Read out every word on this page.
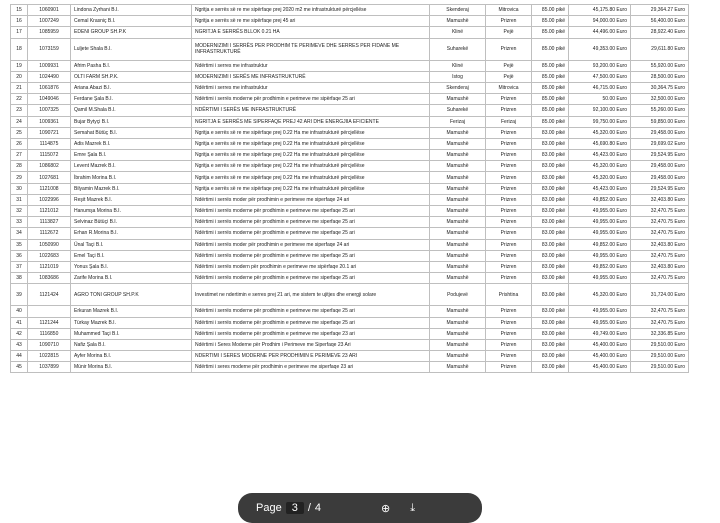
15	1060901	Lindona Zyrhani B.I.	Ngritja e serrës së re me sipërfaqe prej 2020 m2 me infrastrukturë përcjellëse	Skenderaj	Mitrovica	85.00 pikë	45,175.80 Euro	29,364.27 Euro
16	1007249	Cemal Krasniç B.I.	Ngritja e serrës së re me sipërfaqe prej 45 ari	Mamushë	Prizren	85.00 pikë	94,000.00 Euro	56,400.00 Euro
17	1085959	EDENI GROUP SH.P.K	NGRITJA E SERRËS BLLOK 0.21 HA	Klinë	Pejë	85.00 pikë	44,496.00 Euro	28,922.40 Euro
18	1073159	Luljete Shala B.I.	MODERNIZIMI I SERRËS PER PRODHIM TE PERIMEVE DHE SERRES PER FIDANE ME INFRASTRUKTURË	Suharekë	Prizren	85.00 pikë	49,353.00 Euro	29,611.80 Euro
19	1009931	Afrim Pasha B.I.	Ndërtimi i serres me infrastruktur	Klinë	Pejë	85.00 pikë	93,200.00 Euro	55,920.00 Euro
20	1024490	OLTI FARM SH.P.K.	MODERNIZIMI I SERËS ME INFRASTRUKTURË	Istog	Pejë	85.00 pikë	47,500.00 Euro	28,500.00 Euro
21	1061876	Ariana Abazi B.I.	Ndërtimi i serres me infrastruktur	Skenderaj	Mitrovica	85.00 pikë	46,715.00 Euro	30,364.75 Euro
22	1049046	Ferdane Şala B.I.	Ndërtimi i serrës moderne për prodhimin e perimeve me sipërfaqe 25 ari	Mamushë	Prizren	85.00 pikë	50.00 Euro	32,500.00 Euro
23	1007325	Qamil M.Shala B.I.	NDËRTIMI I SERËS ME INFRASTRUKTURË	Suharekë	Prizren	85.00 pikë	92,100.00 Euro	55,260.00 Euro
24	1009361	Bujar Bytyçi B.I.	NGRITJA E SERRËS ME SIPERFAQE PREJ 42 ARI DHE ENERGJIIA EFICIENTE	Ferizaj	Ferizaj	85.00 pikë	99,750.00 Euro	59,850.00 Euro
25	1090721	Semahat Bütüç B.I.	Ngritja e serrës së re me sipërfaqe prej 0.22 Ha me infrastrukturë përcjellëse	Mamushë	Prizren	83.00 pikë	45,320.00 Euro	29,458.00 Euro
26	1114875	Adis Mazrek B.I.	Ngritja e serrës së re me sipërfaqe prej 0.22 Ha me infrastrukturë përcjellëse	Mamushë	Prizren	83.00 pikë	45,690.80 Euro	29,699.02 Euro
27	1115072	Emre Şala B.I.	Ngritja e serrës së re me sipërfaqe prej 0.22 Ha me infrastrukturë përcjellëse	Mamushë	Prizren	83.00 pikë	45,423.00 Euro	29,524.95 Euro
28	1086802	Levent Mazrek B.I.	Ngritja e serrës së re me sipërfaqe prej 0.22 Ha me infrastrukturë përcjellëse	Mamushë	Prizren	83.00 pikë	45,320.00 Euro	29,458.00 Euro
29	1027681	İbrahim Morina B.I.	Ngritja e serrës së re me sipërfaqe prej 0.22 Ha me infrastrukturë përcjellëse	Mamushë	Prizren	83.00 pikë	45,320.00 Euro	29,458.00 Euro
30	1121008	Bilyamin Mazrek B.I.	Ngritja e serrës së re me sipërfaqe prej 0.22 Ha me infrastrukturë përcjellëse	Mamushë	Prizren	83.00 pikë	45,423.00 Euro	29,524.95 Euro
31	1022996	Reşit Mazrek B.I.	Ndërtimi i serrës moder për prodhimin e perimeve me siperfaqe 24 ari	Mamushë	Prizren	83.00 pikë	49,852.00 Euro	32,403.80 Euro
32	1121012	Hanumşa Morina B.I.	Ndërtimi i serrës moderne për prodhimin e perimeve me siperfaqe 25 ari	Mamushë	Prizren	83.00 pikë	49,955.00 Euro	32,470.75 Euro
33	1113827	Selvinaz Bütüçi B.I.	Ndërtimi i serrës moderne për prodhimin e perimeve me siperfaqe 25 ari	Mamushë	Prizren	83.00 pikë	49,955.00 Euro	32,470.75 Euro
34	1112672	Erhan R.Morina B.I.	Ndërtimi i serrës moderne për prodhimin e perimeve me siperfaqe 25 ari	Mamushë	Prizren	83.00 pikë	49,955.00 Euro	32,470.75 Euro
35	1050990	Ünal Taçi B.I.	Ndërtimi i serrës moder për prodhimin e perimeve me siperfaqe 24 ari	Mamushë	Prizren	83.00 pikë	49,852.00 Euro	32,403.80 Euro
36	1022683	Emel Taçi B.I.	Ndërtimi i serrës moderne për prodhimin e perimeve me siperfaqe 25 ari	Mamushë	Prizren	83.00 pikë	49,955.00 Euro	32,470.75 Euro
37	1121019	Yonus Şala B.I.	Ndërtimi i serrës modern për prodhimin e perimeve me sipërfaqe 20.1 ari	Mamushë	Prizren	83.00 pikë	49,852.00 Euro	32,403.80 Euro
38	1083686	Zarife Morina B.I.	Ndërtimi i serrës moderne për prodhimin e perimeve me siperfaqe 25 ari	Mamushë	Prizren	83.00 pikë	49,955.00 Euro	32,470.75 Euro
39	1121424	AGRO TONI GROUP SH.P.K	Investimet ne ndertimin e serres prej 21 ari, me sistem te ujitjes dhe energji solare	Podujevë	Prishtina	83.00 pikë	45,320.00 Euro	31,724.00 Euro
40		Erkuran Mazrek B.I.	Ndërtimi i serrës moderne për prodhimin e perimeve me siperfaqe 25 ari	Mamushë	Prizren	83.00 pikë	49,955.00 Euro	32,470.75 Euro
41	1121244	Türkay Mazrek B.I.	Ndërtimi i serrës moderne për prodhimin e perimeve me siperfaqe 25 ari	Mamushë	Prizren	83.00 pikë	49,955.00 Euro	32,470.75 Euro
42	1116850	Muhammed Taçi B.I.	Ndërtimi i serrës moderne për prodhimin e perimeve me siperfaqe 23 ari	Mamushë	Prizren	83.00 pikë	49,749.00 Euro	32,336.85 Euro
43	1090710	Nafiz Şala B.I.	Ndërtimi i Seres Moderne për Prodhim i Perimeve me Siperfaqe 23 Ari	Mamushë	Prizren	83.00 pikë	45,400.00 Euro	29,510.00 Euro
44	1022815	Ayfer Morina B.I.	NDERTIMI I SERES MODERNE PER PRODHIMIN E PERIMEVE 23 ARI	Mamushë	Prizren	83.00 pikë	45,400.00 Euro	29,510.00 Euro
45	1037899	Münir Morina B.I.	Ndërtimi i seres moderne për prodhimin e perimeve me siperfaqe 23 ari	Mamushë	Prizren	83.00 pikë	45,400.00 Euro	29,510.00 Euro
Page 3 / 4	⊕ ⤓
